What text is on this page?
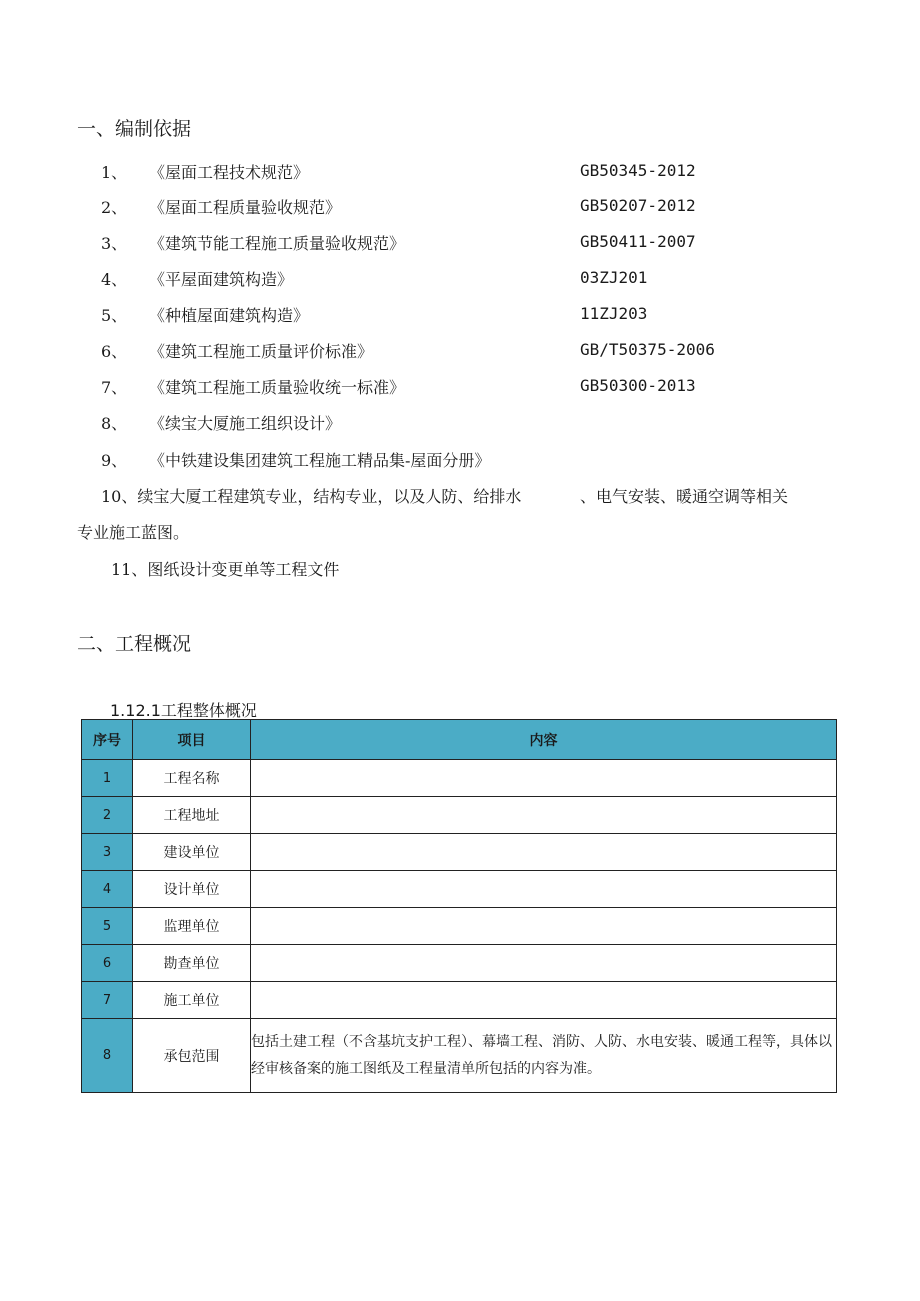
一、编制依据
1、 《屋面工程技术规范》	GB50345-2012
2、 《屋面工程质量验收规范》	GB50207-2012
3、 《建筑节能工程施工质量验收规范》	GB50411-2007
4、 《平屋面建筑构造》	03ZJ201
5、 《种植屋面建筑构造》	11ZJ203
6、 《建筑工程施工质量评价标准》	GB/T50375-2006
7、 《建筑工程施工质量验收统一标准》	GB50300-2013
8、 《续宝大厦施工组织设计》
9、 《中铁建设集团建筑工程施工精品集-屋面分册》
10、续宝大厦工程建筑专业，结构专业，以及人防、给排水	、电气安装、暖通空调等相关
专业施工蓝图。
11、图纸设计变更单等工程文件
二、工程概况
1.12.1工程整体概况
序号	项目	内容
1	工程名称	
2	工程地址	
3	建设单位	
4	设计单位	
5	监理单位	
6	勘查单位	
7	施工单位	
8	承包范围	包括土建工程（不含基坑支护工程）、幕墙工程、消防、人防、水电安装、暖通工程等，具体以经审核备案的施工图纸及工程量清单所包括的内容为准。
